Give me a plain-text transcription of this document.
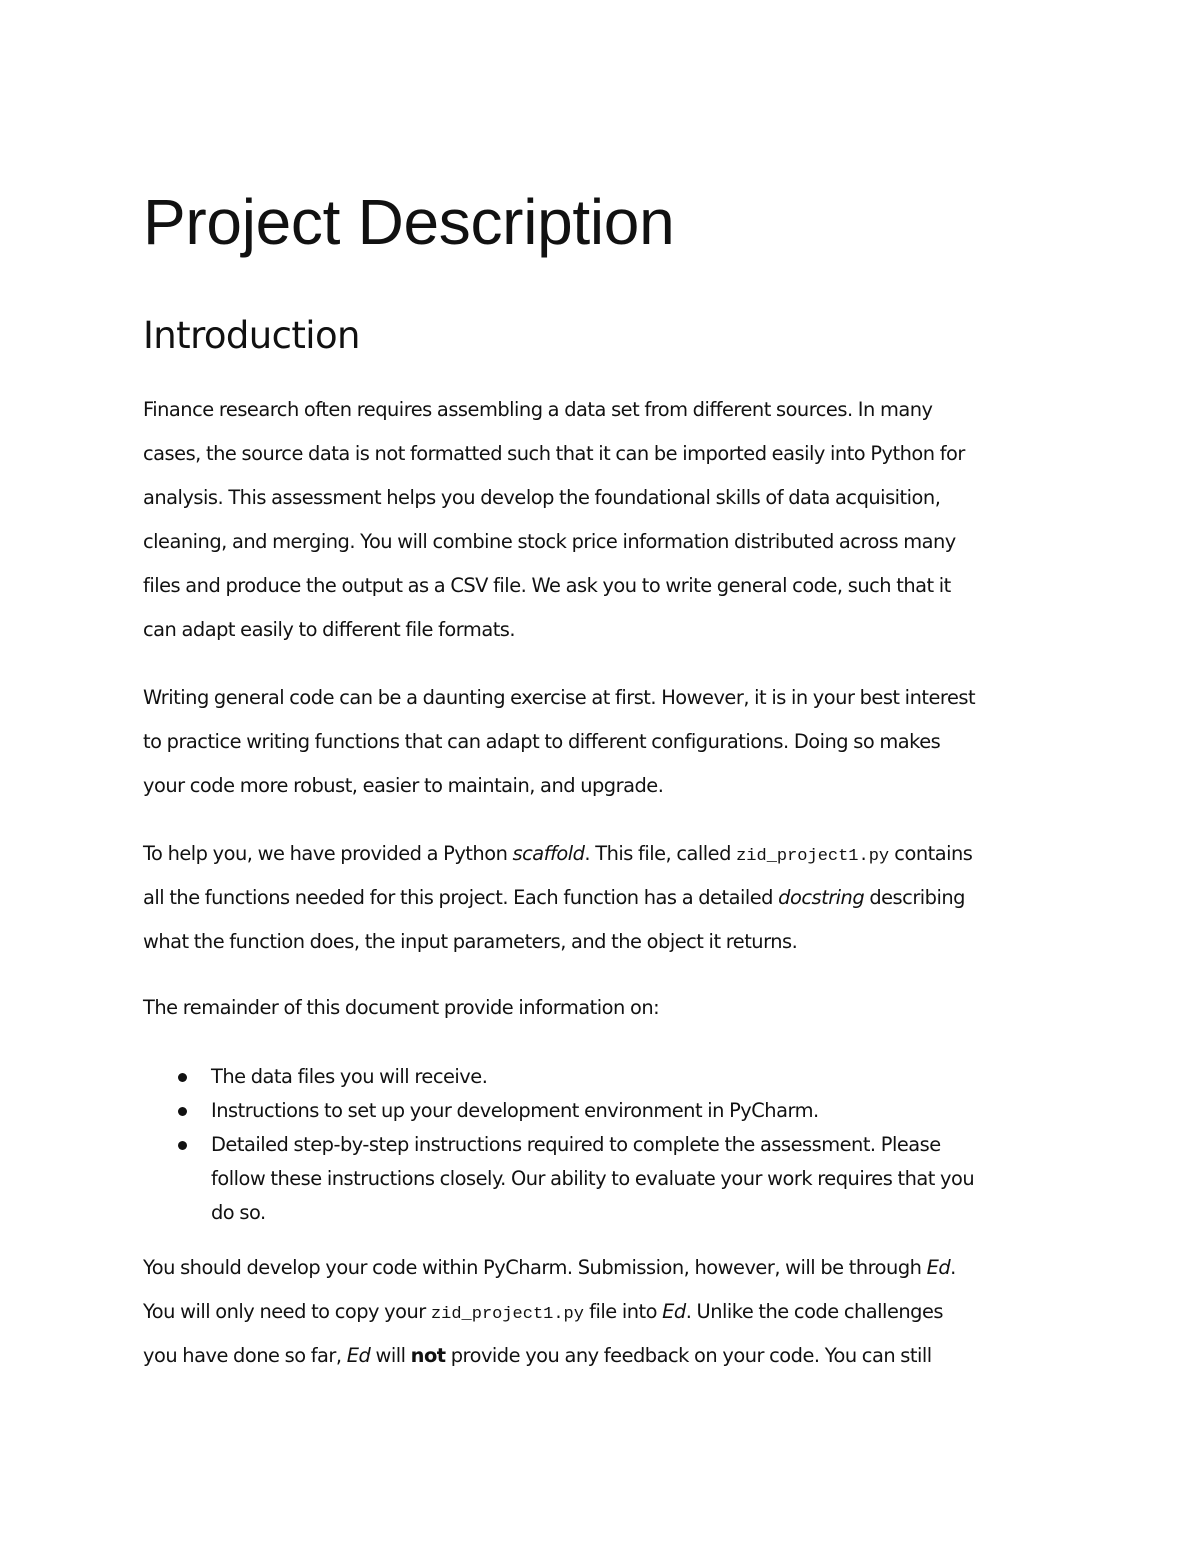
Project Description
Introduction

Finance research often requires assembling a data set from different sources. In many
cases, the source data is not formatted such that it can be imported easily into Python for
analysis. This assessment helps you develop the foundational skills of data acquisition,
cleaning, and merging. You will combine stock price information distributed across many
files and produce the output as a CSV file. We ask you to write general code, such that it
can adapt easily to different file formats.

Writing general code can be a daunting exercise at first. However, it is in your best interest
to practice writing functions that can adapt to different configurations. Doing so makes
your code more robust, easier to maintain, and upgrade.

To help you, we have provided a Python scaffold. This file, called zid_project1.py contains
all the functions needed for this project. Each function has a detailed docstring describing
what the function does, the input parameters, and the object it returns.

The remainder of this document provide information on:

The data files you will receive.
Instructions to set up your development environment in PyCharm.
Detailed step-by-step instructions required to complete the assessment. Please
follow these instructions closely. Our ability to evaluate your work requires that you
do so.

You should develop your code within PyCharm. Submission, however, will be through Ed.
You will only need to copy your zid_project1.py file into Ed. Unlike the code challenges
you have done so far, Ed will not provide you any feedback on your code. You can still
